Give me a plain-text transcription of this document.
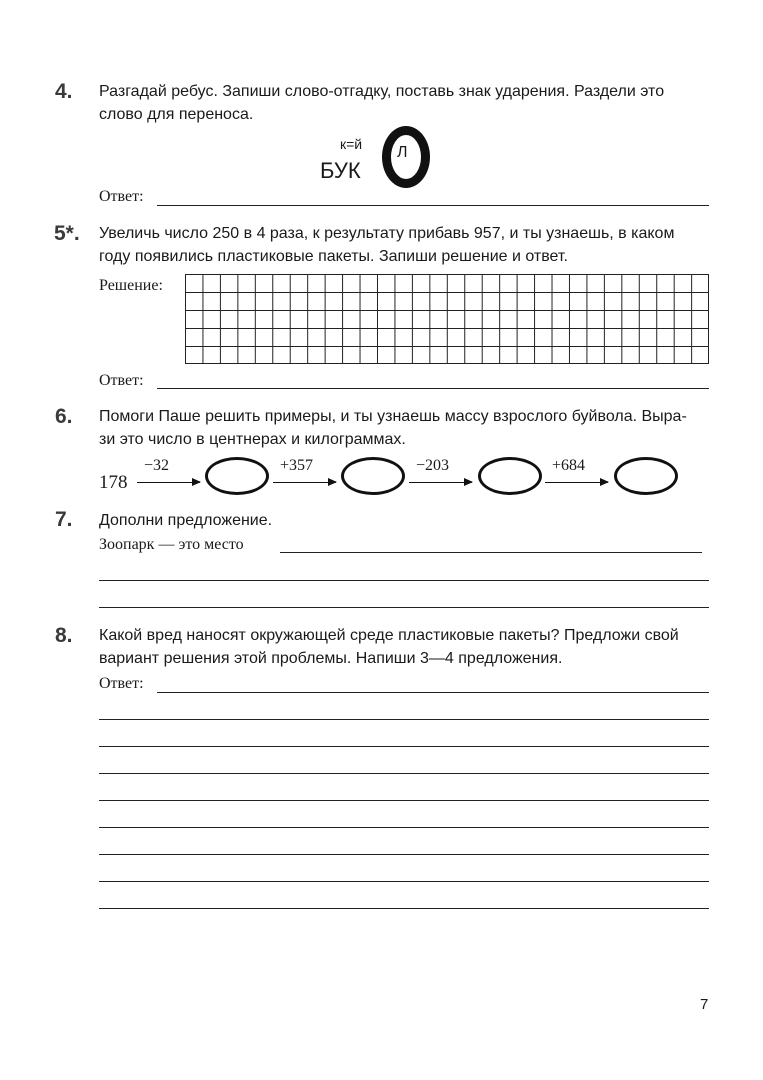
4. Разгадай ребус. Запиши слово-отгадку, поставь знак ударения. Раздели это
слово для переноса.
к=й
БУК
Л
Ответ:
5*. Увеличь число 250 в 4 раза, к результату прибавь 957, и ты узнаешь, в каком
году появились пластиковые пакеты. Запиши решение и ответ.
Решение:
Ответ:
6. Помоги Паше решить примеры, и ты узнаешь массу взрослого буйвола. Выра-
зи это число в центнерах и килограммах.
178
−32	+357	−203	+684
7. Дополни предложение.
Зоопарк — это место
8. Какой вред наносят окружающей среде пластиковые пакеты? Предложи свой
вариант решения этой проблемы. Напиши 3—4 предложения.
Ответ:
7
